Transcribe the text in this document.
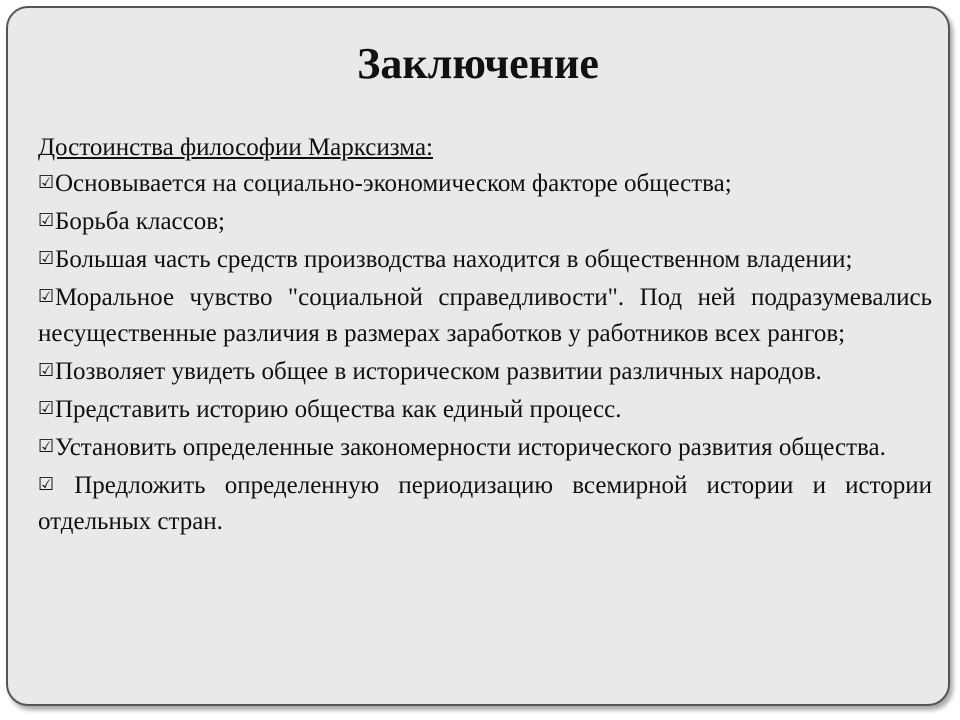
Заключение

Достоинства философии Марксизма:

☑Основывается на социально-экономическом факторе общества;
☑Борьба классов;
☑Большая часть средств производства находится в общественном владении;
☑Моральное чувство "социальной справедливости". Под ней подразумевались несущественные различия в размерах заработков у работников всех рангов;
☑Позволяет увидеть общее в историческом развитии различных народов.
☑Представить историю общества как единый процесс.
☑Установить определенные закономерности исторического развития общества.
☑ Предложить определенную периодизацию всемирной истории и истории отдельных стран.
